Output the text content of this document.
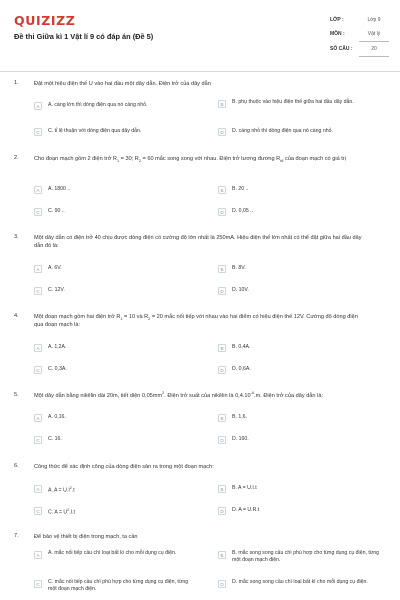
QUIZIZZ
Đề thi Giữa kì 1 Vật lí 9 có đáp án (Đề 5)
LỚP :	Lớp 9
MÔN :	Vật lý
SỐ CÂU :	20
1.	Đặt một hiệu điện thế U vào hai đầu một dây dẫn. Điện trở của dây dẫn
A	A. càng lớn thì dòng điện qua nó càng nhỏ.	B	B. phụ thuộc vào hiệu điện thế giữa hai đầu dây dẫn.
C	C. tỉ lệ thuận với dòng điện qua dây dẫn.	D	D. càng nhỏ thì dòng điện qua nó càng nhỏ.
2.	Cho đoạn mạch gồm 2 điện trở $R_1 = 30$; $R_2 = 60$ mắc song song với nhau. Điện trở tương đương $R_{tđ}$ của đoạn mạch có giá trị
A	A. 1800 ..	B	B. 20 ..
C	C. 90 ..	D	D. 0,05 ..
3.	Một dây dẫn có điện trở 40 chịu được dòng điện có cường độ lớn nhất là 250mA. Hiệu điện thế lớn nhất có thể đặt giữa hai đầu dây dẫn đó là:
A	A. 6V.	B	B. 8V.
C	C. 12V.	D	D. 10V.
4.	Một đoạn mạch gồm hai điện trở $R_1 = 10$ và $R_2 = 20$ mắc nối tiếp với nhau vào hai điểm có hiệu điện thế 12V. Cường độ dòng điện qua đoạn mạch là:
A	A. 1,2A.	B	B. 0,4A.
C	C. 0,3A.	D	D. 0,6A.
5.	Một dây dẫn bằng nikêlin dài 20m, tiết diện $0,05mm^2$. Điện trở suất của nikêlin là $0,4.10^{-6}.m$. Điện trở của dây dẫn là:
A	A. 0,16.	B	B. 1,6.
C	C. 16.	D	D. 160.
6.	Công thức để xác định công của dòng điện sản ra trong một đoạn mạch:
A	A. $A = U.I^2.t$	B	B. A = U.I.t
C	C. $A = U^2.I.t$	D	D. A = U.R.t
7.	Để bảo vệ thiết bị điện trong mạch, ta cần
A	A. mắc nối tiếp cầu chì loại bất kì cho mỗi dụng cụ điện.	B	B. mắc song song cầu chì phù hợp cho từng dụng cụ điện, từng một đoạn mạch điện.
C	C. mắc nối tiếp cầu chì phù hợp cho từng dụng cụ điện, từng một đoạn mạch điện.
D	D. mắc song song cầu chì loại bất kì cho mỗi dụng cụ điện.
